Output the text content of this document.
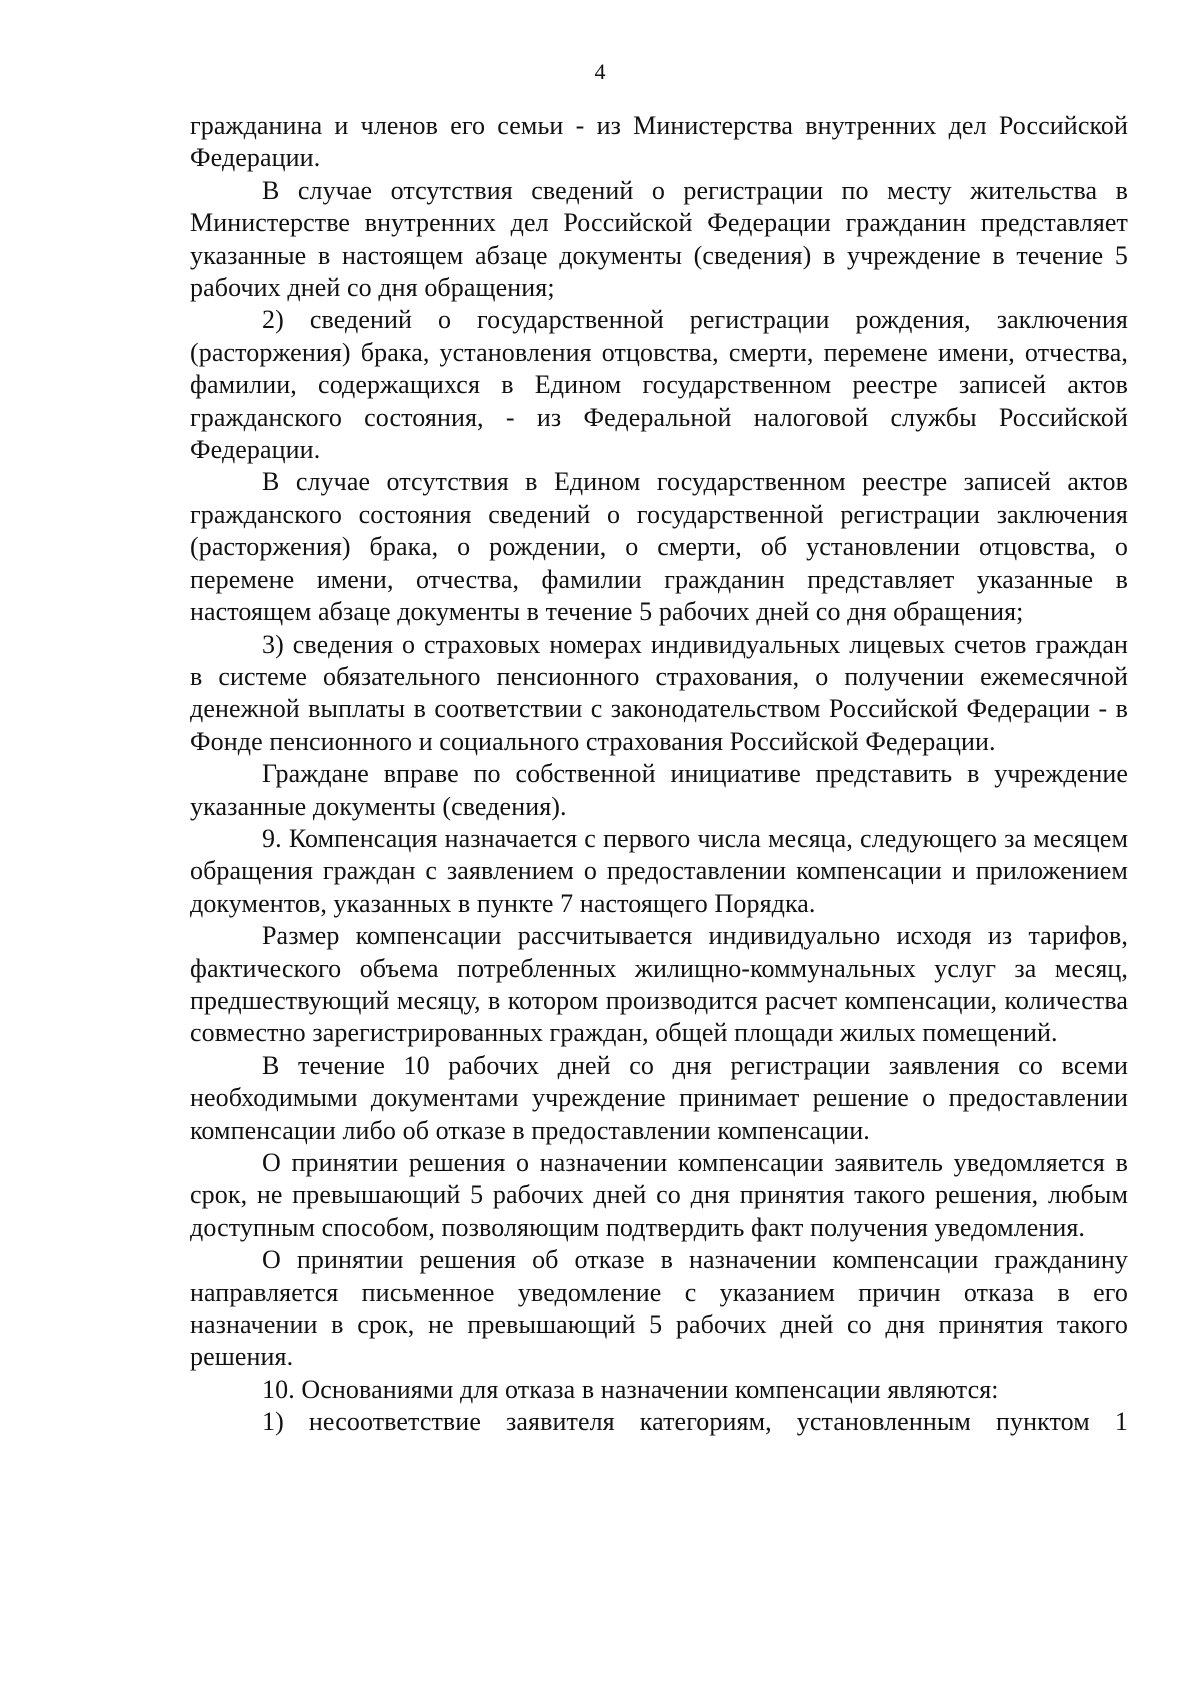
4

гражданина и членов его семьи - из Министерства внутренних дел Российской Федерации.

В случае отсутствия сведений о регистрации по месту жительства в Министерстве внутренних дел Российской Федерации гражданин представляет указанные в настоящем абзаце документы (сведения) в учреждение в течение 5 рабочих дней со дня обращения;

2) сведений о государственной регистрации рождения, заключения (расторжения) брака, установления отцовства, смерти, перемене имени, отчества, фамилии, содержащихся в Едином государственном реестре записей актов гражданского состояния, - из Федеральной налоговой службы Российской Федерации.

В случае отсутствия в Едином государственном реестре записей актов гражданского состояния сведений о государственной регистрации заключения (расторжения) брака, о рождении, о смерти, об установлении отцовства, о перемене имени, отчества, фамилии гражданин представляет указанные в настоящем абзаце документы в течение 5 рабочих дней со дня обращения;

3) сведения о страховых номерах индивидуальных лицевых счетов граждан в системе обязательного пенсионного страхования, о получении ежемесячной денежной выплаты в соответствии с законодательством Российской Федерации - в Фонде пенсионного и социального страхования Российской Федерации.

Граждане вправе по собственной инициативе представить в учреждение указанные документы (сведения).

9. Компенсация назначается с первого числа месяца, следующего за месяцем обращения граждан с заявлением о предоставлении компенсации и приложением документов, указанных в пункте 7 настоящего Порядка.

Размер компенсации рассчитывается индивидуально исходя из тарифов, фактического объема потребленных жилищно-коммунальных услуг за месяц, предшествующий месяцу, в котором производится расчет компенсации, количества совместно зарегистрированных граждан, общей площади жилых помещений.

В течение 10 рабочих дней со дня регистрации заявления со всеми необходимыми документами учреждение принимает решение о предоставлении компенсации либо об отказе в предоставлении компенсации.

О принятии решения о назначении компенсации заявитель уведомляется в срок, не превышающий 5 рабочих дней со дня принятия такого решения, любым доступным способом, позволяющим подтвердить факт получения уведомления.

О принятии решения об отказе в назначении компенсации гражданину направляется письменное уведомление с указанием причин отказа в его назначении в срок, не превышающий 5 рабочих дней со дня принятия такого решения.

10. Основаниями для отказа в назначении компенсации являются:

1) несоответствие заявителя категориям, установленным пунктом 1
